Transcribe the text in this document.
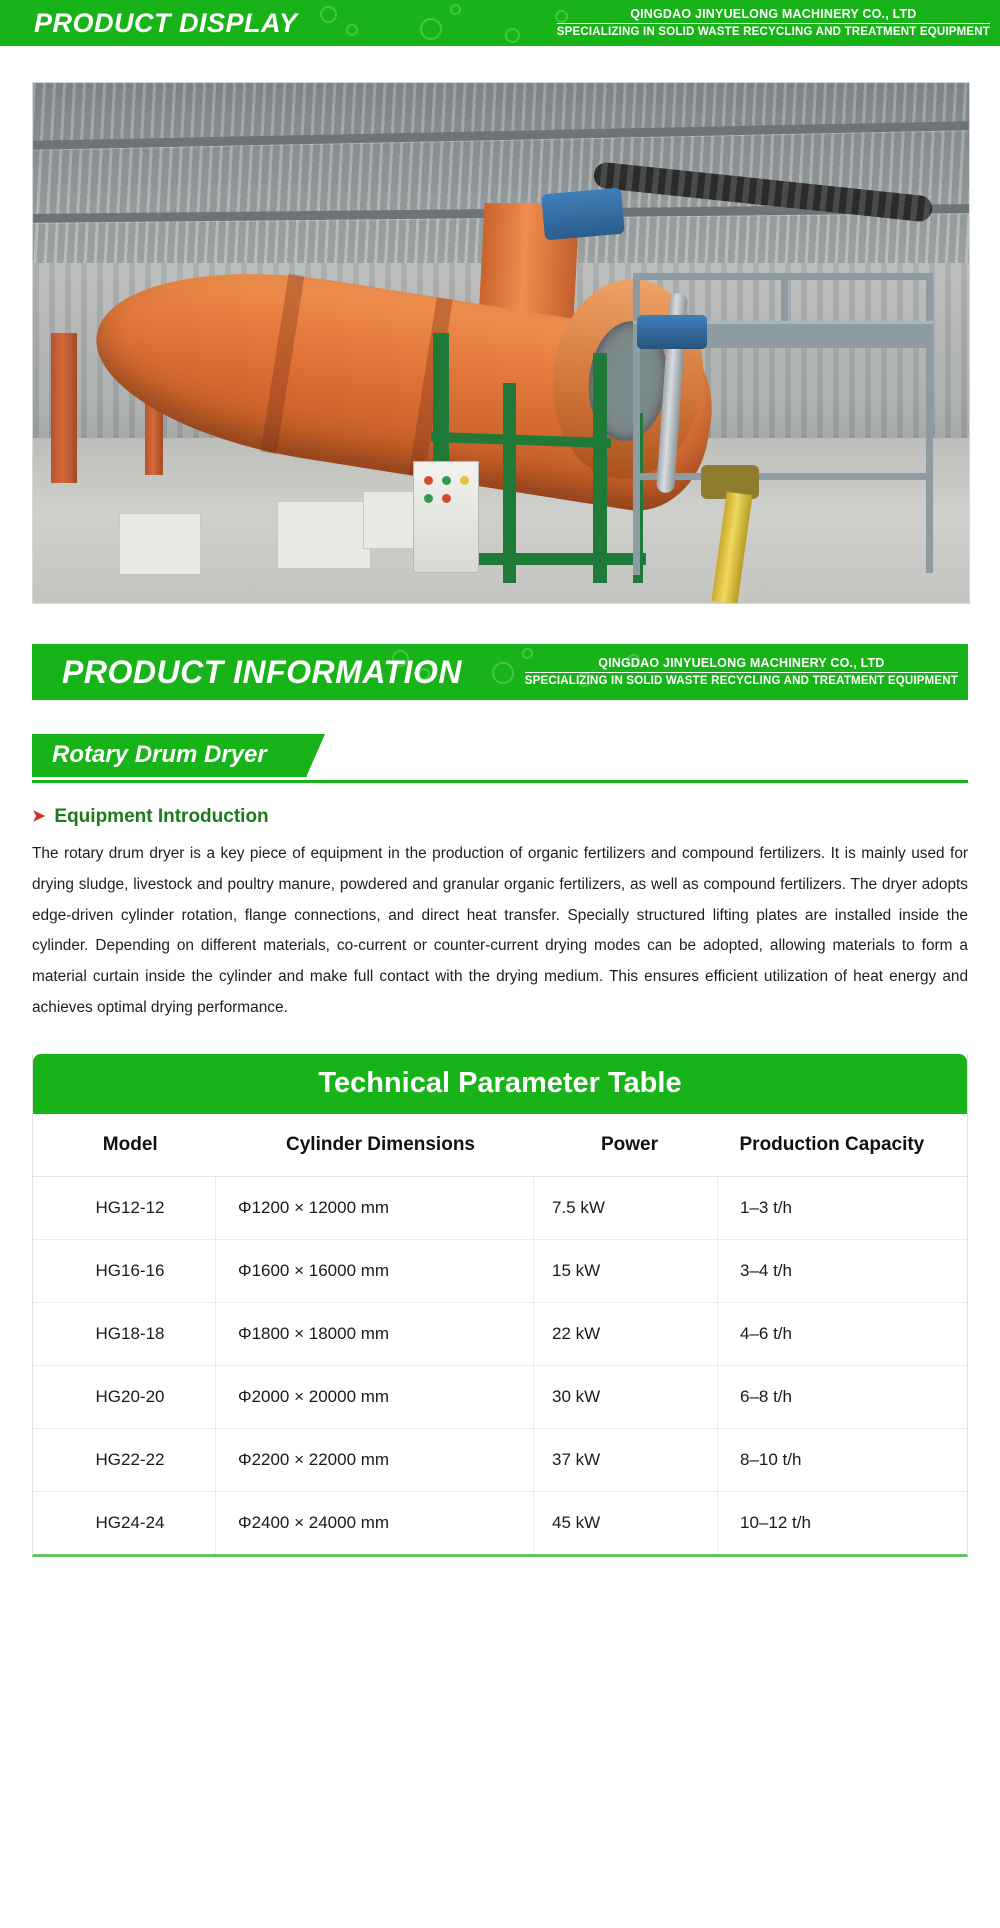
PRODUCT DISPLAY	QINGDAO JINYUELONG MACHINERY CO., LTD
SPECIALIZING IN SOLID WASTE RECYCLING AND TREATMENT EQUIPMENT
PRODUCT INFORMATION	QINGDAO JINYUELONG MACHINERY CO., LTD
SPECIALIZING IN SOLID WASTE RECYCLING AND TREATMENT EQUIPMENT
Rotary Drum Dryer
➤ Equipment Introduction

The rotary drum dryer is a key piece of equipment in the production of organic fertilizers and compound fertilizers. It is mainly used for drying sludge, livestock and poultry manure, powdered and granular organic fertilizers, as well as compound fertilizers. The dryer adopts edge-driven cylinder rotation, flange connections, and direct heat transfer. Specially structured lifting plates are installed inside the cylinder. Depending on different materials, co-current or counter-current drying modes can be adopted, allowing materials to form a material curtain inside the cylinder and make full contact with the drying medium. This ensures efficient utilization of heat energy and achieves optimal drying performance.

Technical Parameter Table
Model	Cylinder Dimensions	Power	Production Capacity
HG12-12	Φ1200 × 12000 mm	7.5 kW	1–3 t/h
HG16-16	Φ1600 × 16000 mm	15 kW	3–4 t/h
HG18-18	Φ1800 × 18000 mm	22 kW	4–6 t/h
HG20-20	Φ2000 × 20000 mm	30 kW	6–8 t/h
HG22-22	Φ2200 × 22000 mm	37 kW	8–10 t/h
HG24-24	Φ2400 × 24000 mm	45 kW	10–12 t/h
